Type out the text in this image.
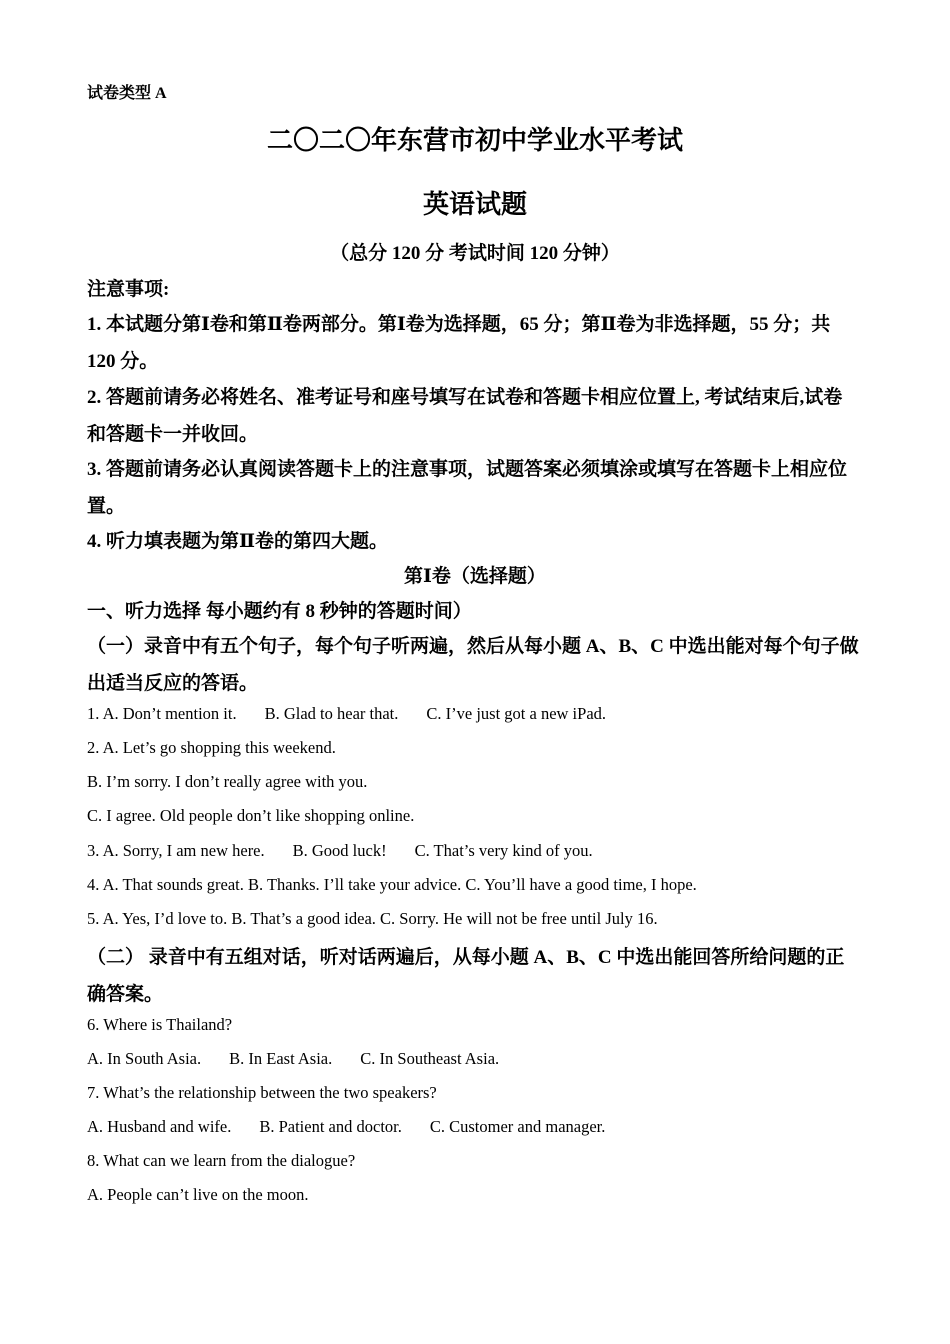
试卷类型 A
二〇二〇年东营市初中学业水平考试
英语试题
（总分 120 分 考试时间 120 分钟）
注意事项:
1. 本试题分第Ⅰ卷和第Ⅱ卷两部分。第Ⅰ卷为选择题，65 分；第Ⅱ卷为非选择题，55 分；共
120 分。
2. 答题前请务必将姓名、准考证号和座号填写在试卷和答题卡相应位置上, 考试结束后,试卷
和答题卡一并收回。
3. 答题前请务必认真阅读答题卡上的注意事项，试题答案必须填涂或填写在答题卡上相应位
置。
4. 听力填表题为第Ⅱ卷的第四大题。
第Ⅰ卷（选择题）
一、听力选择 每小题约有 8 秒钟的答题时间）
（一）录音中有五个句子，每个句子听两遍，然后从每小题 A、B、C 中选出能对每个句子做
出适当反应的答语。
1. A. Don’t mention it. B. Glad to hear that. C. I’ve just got a new iPad.
2. A. Let’s go shopping this weekend.
B. I’m sorry. I don’t really agree with you.
C. I agree. Old people don’t like shopping online.
3. A. Sorry, I am new here. B. Good luck! C. That’s very kind of you.
4. A. That sounds great. B. Thanks. I’ll take your advice. C. You’ll have a good time, I hope.
5. A. Yes, I’d love to. B. That’s a good idea. C. Sorry. He will not be free until July 16.
（二） 录音中有五组对话，听对话两遍后，从每小题 A、B、C 中选出能回答所给问题的正
确答案。
6. Where is Thailand?
A. In South Asia. B. In East Asia. C. In Southeast Asia.
7. What’s the relationship between the two speakers?
A. Husband and wife. B. Patient and doctor. C. Customer and manager.
8. What can we learn from the dialogue?
A. People can’t live on the moon.
